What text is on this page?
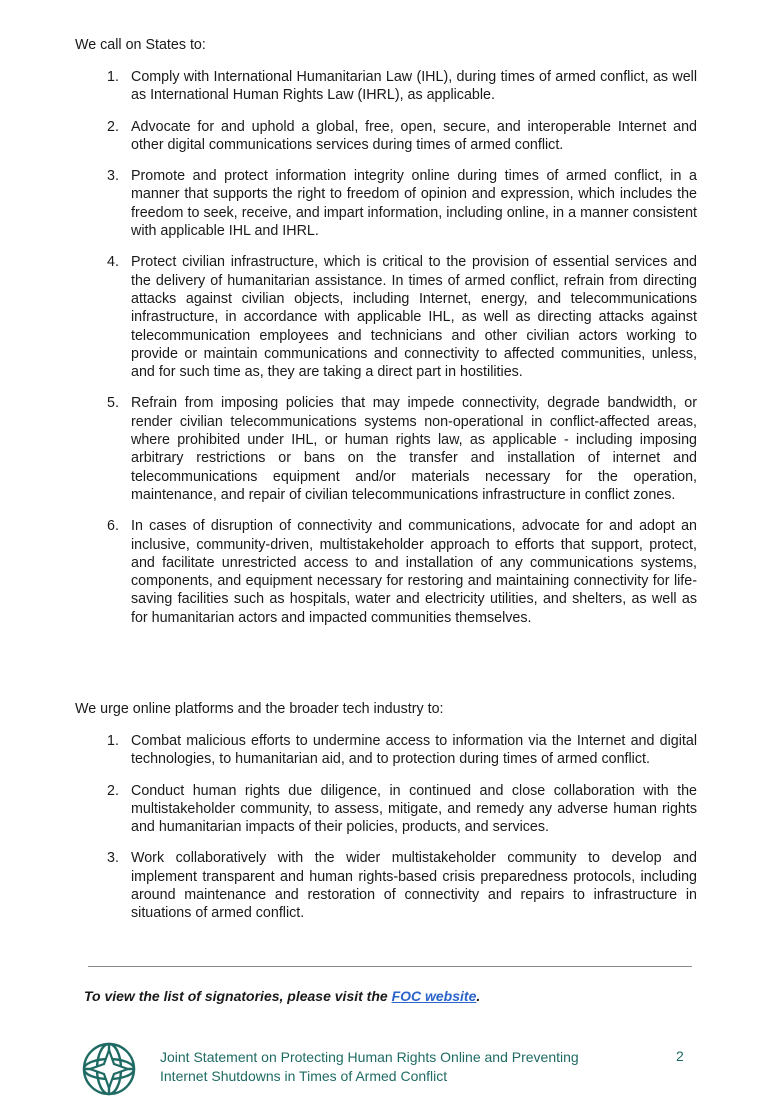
We call on States to:

1. Comply with International Humanitarian Law (IHL), during times of armed conflict, as well as International Human Rights Law (IHRL), as applicable.
2. Advocate for and uphold a global, free, open, secure, and interoperable Internet and other digital communications services during times of armed conflict.
3. Promote and protect information integrity online during times of armed conflict, in a manner that supports the right to freedom of opinion and expression, which includes the freedom to seek, receive, and impart information, including online, in a manner consistent with applicable IHL and IHRL.
4. Protect civilian infrastructure, which is critical to the provision of essential services and the delivery of humanitarian assistance. In times of armed conflict, refrain from directing attacks against civilian objects, including Internet, energy, and telecommunications infrastructure, in accordance with applicable IHL, as well as directing attacks against telecommunication employees and technicians and other civilian actors working to provide or maintain communications and connectivity to affected communities, unless, and for such time as, they are taking a direct part in hostilities.
5. Refrain from imposing policies that may impede connectivity, degrade bandwidth, or render civilian telecommunications systems non-operational in conflict-affected areas, where prohibited under IHL, or human rights law, as applicable - including imposing arbitrary restrictions or bans on the transfer and installation of internet and telecommunications equipment and/or materials necessary for the operation, maintenance, and repair of civilian telecommunications infrastructure in conflict zones.
6. In cases of disruption of connectivity and communications, advocate for and adopt an inclusive, community-driven, multistakeholder approach to efforts that support, protect, and facilitate unrestricted access to and installation of any communications systems, components, and equipment necessary for restoring and maintaining connectivity for life-saving facilities such as hospitals, water and electricity utilities, and shelters, as well as for humanitarian actors and impacted communities themselves.

We urge online platforms and the broader tech industry to:

1. Combat malicious efforts to undermine access to information via the Internet and digital technologies, to humanitarian aid, and to protection during times of armed conflict.
2. Conduct human rights due diligence, in continued and close collaboration with the multistakeholder community, to assess, mitigate, and remedy any adverse human rights and humanitarian impacts of their policies, products, and services.
3. Work collaboratively with the wider multistakeholder community to develop and implement transparent and human rights-based crisis preparedness protocols, including around maintenance and restoration of connectivity and repairs to infrastructure in situations of armed conflict.

To view the list of signatories, please visit the FOC website.

Joint Statement on Protecting Human Rights Online and Preventing Internet Shutdowns in Times of Armed Conflict

2
